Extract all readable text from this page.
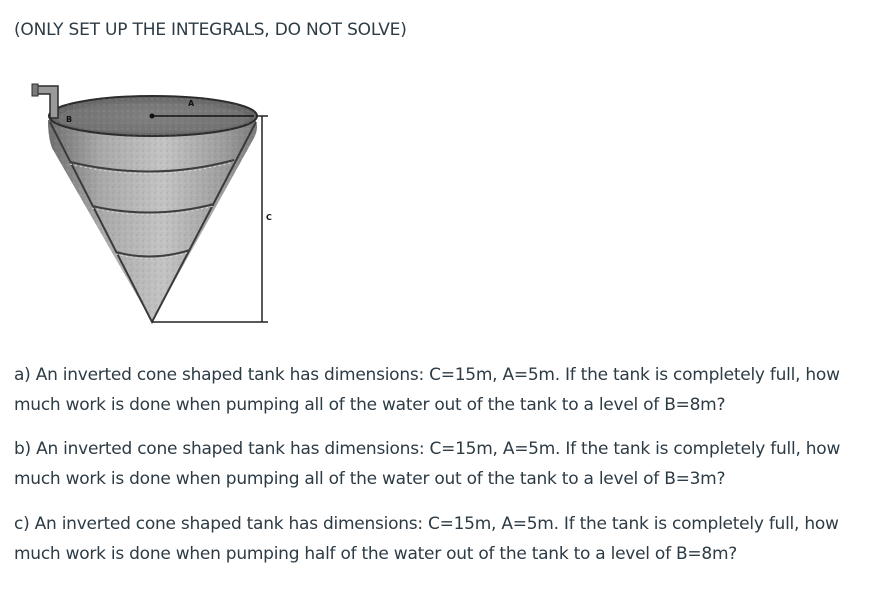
(ONLY SET UP THE INTEGRALS, DO NOT SOLVE)
B
A
C

a) An inverted cone shaped tank has dimensions: C=15m, A=5m. If the tank is completely full, how much work is done when pumping all of the water out of the tank to a level of B=8m?

b) An inverted cone shaped tank has dimensions: C=15m, A=5m. If the tank is completely full, how much work is done when pumping all of the water out of the tank to a level of B=3m?

c) An inverted cone shaped tank has dimensions: C=15m, A=5m. If the tank is completely full, how much work is done when pumping half of the water out of the tank to a level of B=8m?
